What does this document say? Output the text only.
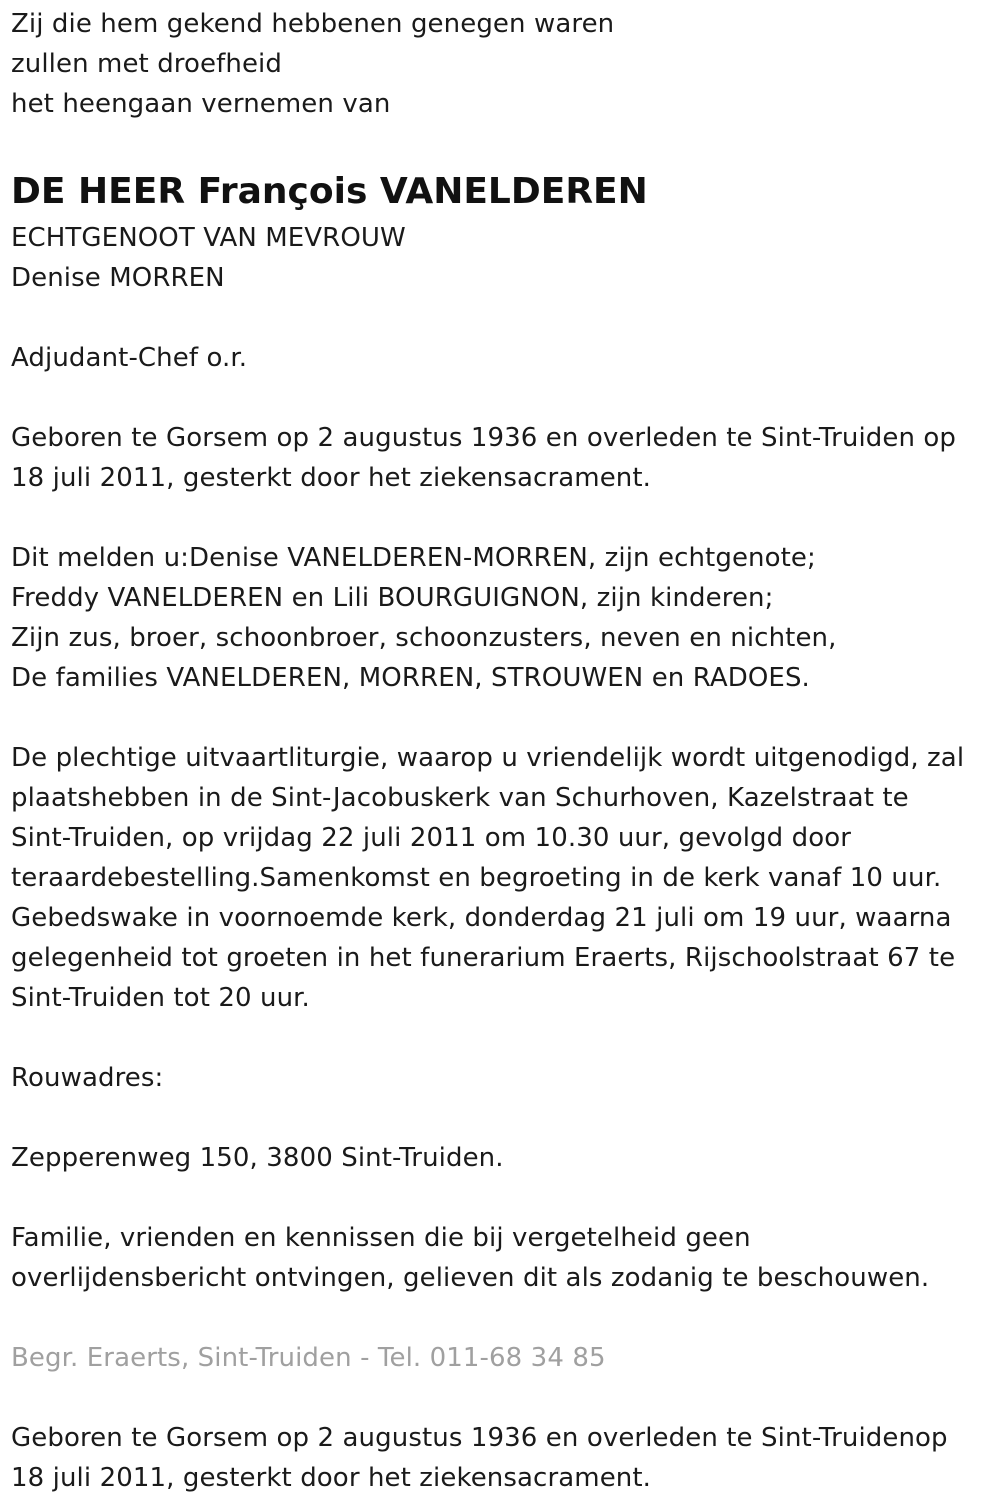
Zij die hem gekend hebbenen genegen waren
zullen met droefheid
het heengaan vernemen van
DE HEER François VANELDEREN
ECHTGENOOT VAN MEVROUW
Denise MORREN
Adjudant-Chef o.r.
Geboren te Gorsem op 2 augustus 1936 en overleden te Sint-Truiden op
18 juli 2011, gesterkt door het ziekensacrament.
Dit melden u:Denise VANELDEREN-MORREN, zijn echtgenote;
Freddy VANELDEREN en Lili BOURGUIGNON, zijn kinderen;
Zijn zus, broer, schoonbroer, schoonzusters, neven en nichten,
De families VANELDEREN, MORREN, STROUWEN en RADOES.
De plechtige uitvaartliturgie, waarop u vriendelijk wordt uitgenodigd, zal
plaatshebben in de Sint-Jacobuskerk van Schurhoven, Kazelstraat te
Sint-Truiden, op vrijdag 22 juli 2011 om 10.30 uur, gevolgd door
teraardebestelling.Samenkomst en begroeting in de kerk vanaf 10 uur.
Gebedswake in voornoemde kerk, donderdag 21 juli om 19 uur, waarna
gelegenheid tot groeten in het funerarium Eraerts, Rijschoolstraat 67 te
Sint-Truiden tot 20 uur.
Rouwadres:
Zepperenweg 150, 3800 Sint-Truiden.
Familie, vrienden en kennissen die bij vergetelheid geen
overlijdensbericht ontvingen, gelieven dit als zodanig te beschouwen.
Begr. Eraerts, Sint-Truiden - Tel. 011-68 34 85
Geboren te Gorsem op 2 augustus 1936 en overleden te Sint-Truidenop
18 juli 2011, gesterkt door het ziekensacrament.
